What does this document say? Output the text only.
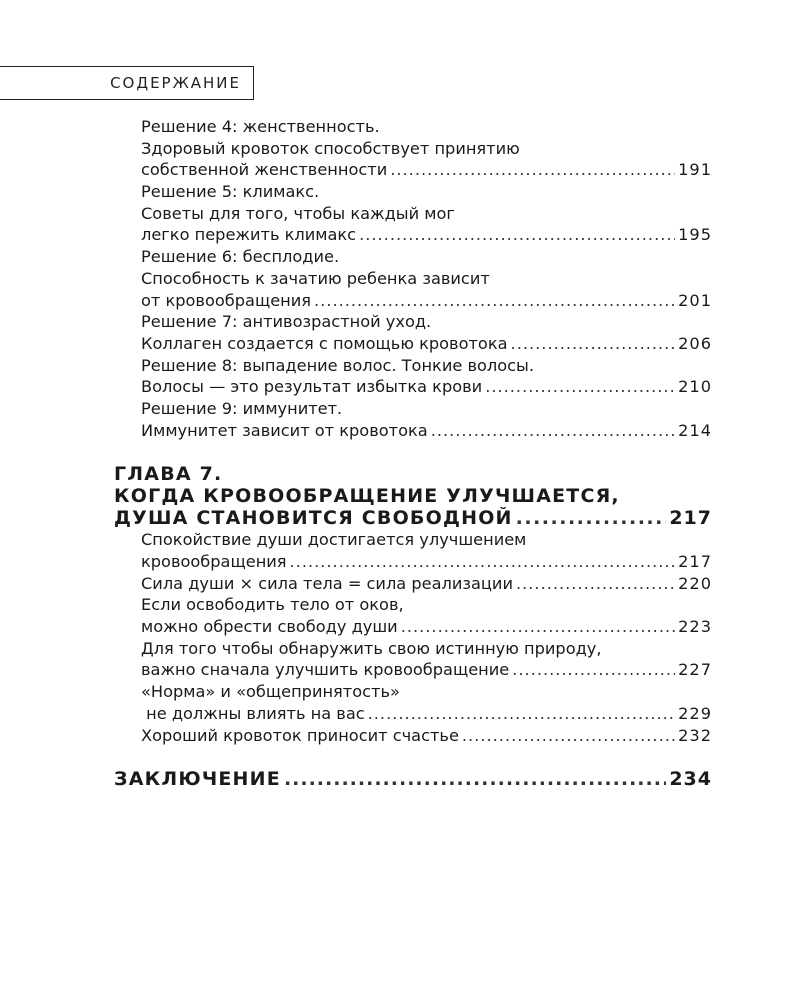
СОДЕРЖАНИЕ
Решение 4: женственность.
Здоровый кровоток способствует принятию
собственной женственности .....	191
Решение 5: климакс.
Советы для того, чтобы каждый мог
легко пережить климакс .....	195
Решение 6: бесплодие.
Способность к зачатию ребенка зависит
от кровообращения .....	201
Решение 7: антивозрастной уход.
Коллаген создается с помощью кровотока .....	206
Решение 8: выпадение волос. Тонкие волосы.
Волосы — это результат избытка крови .....	210
Решение 9: иммунитет.
Иммунитет зависит от кровотока .....	214
ГЛАВА 7.
КОГДА КРОВООБРАЩЕНИЕ УЛУЧШАЕТСЯ,
ДУША СТАНОВИТСЯ СВОБОДНОЙ .....	217
Спокойствие души достигается улучшением
кровообращения .....	217
Сила души × сила тела = сила реализации .....	220
Если освободить тело от оков,
можно обрести свободу души .....	223
Для того чтобы обнаружить свою истинную природу,
важно сначала улучшить кровообращение .....	227
«Норма» и «общепринятость»
не должны влиять на вас .....	229
Хороший кровоток приносит счастье .....	232
ЗАКЛЮЧЕНИЕ .....	234
